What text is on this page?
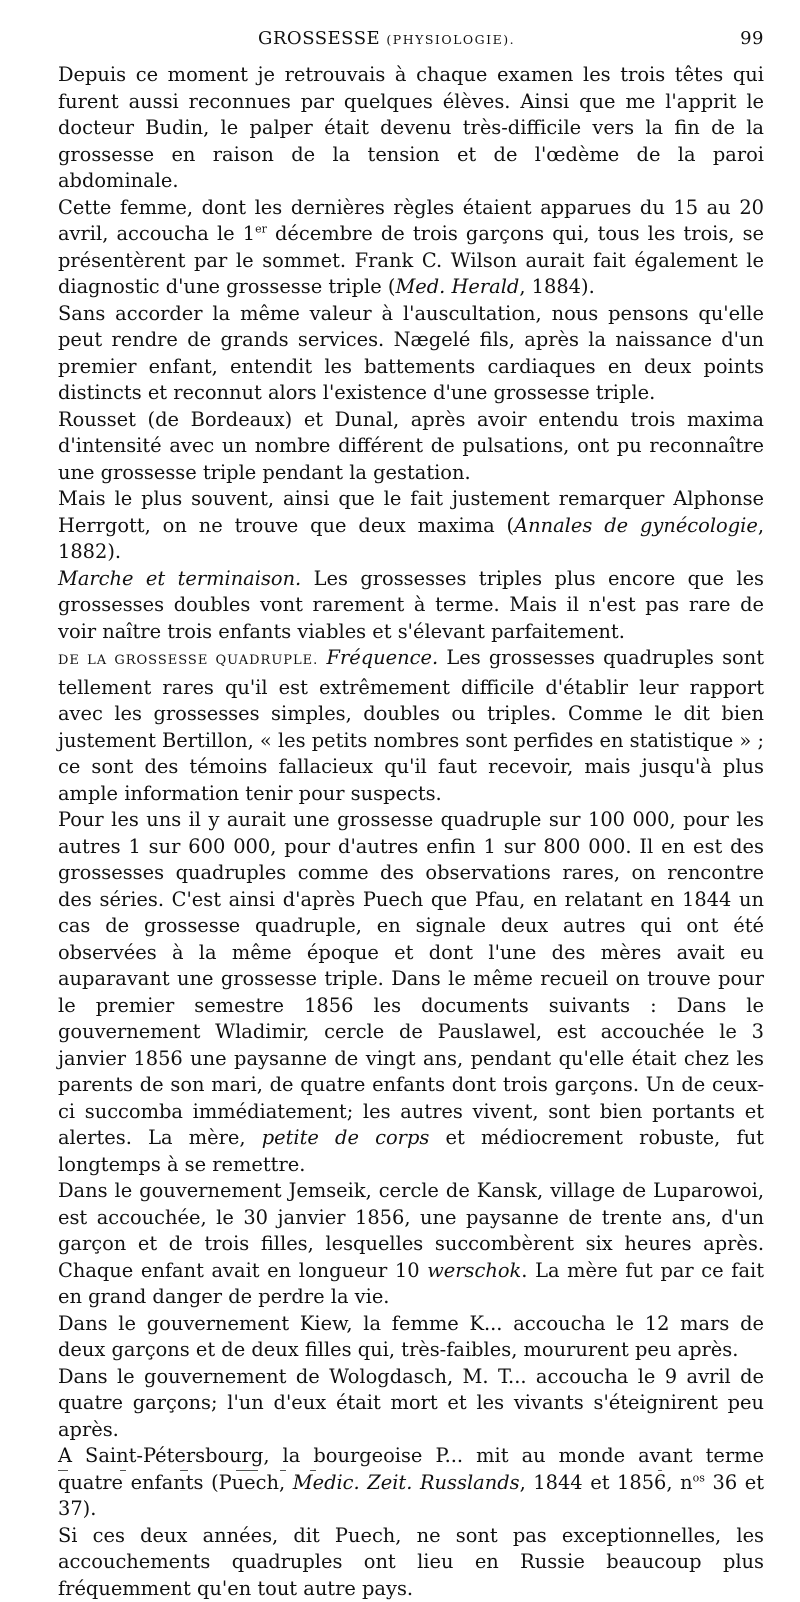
GROSSESSE (PHYSIOLOGIE).	99

Depuis ce moment je retrouvais à chaque examen les trois têtes qui furent aussi reconnues par quelques élèves. Ainsi que me l'apprit le docteur Budin, le palper était devenu très-difficile vers la fin de la grossesse en raison de la tension et de l'œdème de la paroi abdominale.

Cette femme, dont les dernières règles étaient apparues du 15 au 20 avril, accoucha le 1er décembre de trois garçons qui, tous les trois, se présentèrent par le sommet. Frank C. Wilson aurait fait également le diagnostic d'une grossesse triple (Med. Herald, 1884).

Sans accorder la même valeur à l'auscultation, nous pensons qu'elle peut rendre de grands services. Nægelé fils, après la naissance d'un premier enfant, entendit les battements cardiaques en deux points distincts et reconnut alors l'existence d'une grossesse triple.

Rousset (de Bordeaux) et Dunal, après avoir entendu trois maxima d'intensité avec un nombre différent de pulsations, ont pu reconnaître une grossesse triple pendant la gestation.

Mais le plus souvent, ainsi que le fait justement remarquer Alphonse Herrgott, on ne trouve que deux maxima (Annales de gynécologie, 1882).

Marche et terminaison. Les grossesses triples plus encore que les grossesses doubles vont rarement à terme. Mais il n'est pas rare de voir naître trois enfants viables et s'élevant parfaitement.

DE LA GROSSESSE QUADRUPLE. Fréquence. Les grossesses quadruples sont tellement rares qu'il est extrêmement difficile d'établir leur rapport avec les grossesses simples, doubles ou triples. Comme le dit bien justement Bertillon, « les petits nombres sont perfides en statistique » ; ce sont des témoins fallacieux qu'il faut recevoir, mais jusqu'à plus ample information tenir pour suspects.

Pour les uns il y aurait une grossesse quadruple sur 100 000, pour les autres 1 sur 600 000, pour d'autres enfin 1 sur 800 000. Il en est des grossesses quadruples comme des observations rares, on rencontre des séries. C'est ainsi d'après Puech que Pfau, en relatant en 1844 un cas de grossesse quadruple, en signale deux autres qui ont été observées à la même époque et dont l'une des mères avait eu auparavant une grossesse triple. Dans le même recueil on trouve pour le premier semestre 1856 les documents suivants : Dans le gouvernement Wladimir, cercle de Pauslawel, est accouchée le 3 janvier 1856 une paysanne de vingt ans, pendant qu'elle était chez les parents de son mari, de quatre enfants dont trois garçons. Un de ceux-ci succomba immédiatement; les autres vivent, sont bien portants et alertes. La mère, petite de corps et médiocrement robuste, fut longtemps à se remettre.

Dans le gouvernement Jemseik, cercle de Kansk, village de Luparowoi, est accouchée, le 30 janvier 1856, une paysanne de trente ans, d'un garçon et de trois filles, lesquelles succombèrent six heures après. Chaque enfant avait en longueur 10 werschok. La mère fut par ce fait en grand danger de perdre la vie.

Dans le gouvernement Kiew, la femme K... accoucha le 12 mars de deux garçons et de deux filles qui, très-faibles, moururent peu après.

Dans le gouvernement de Wologdasch, M. T... accoucha le 9 avril de quatre garçons; l'un d'eux était mort et les vivants s'éteignirent peu après.

A Saint-Pétersbourg, la bourgeoise P... mit au monde avant terme quatre enfants (Puech, Medic. Zeit. Russlands, 1844 et 1856, $n^{os}$ 36 et 37).

Si ces deux années, dit Puech, ne sont pas exceptionnelles, les accouchements quadruples ont lieu en Russie beaucoup plus fréquemment qu'en tout autre pays.
